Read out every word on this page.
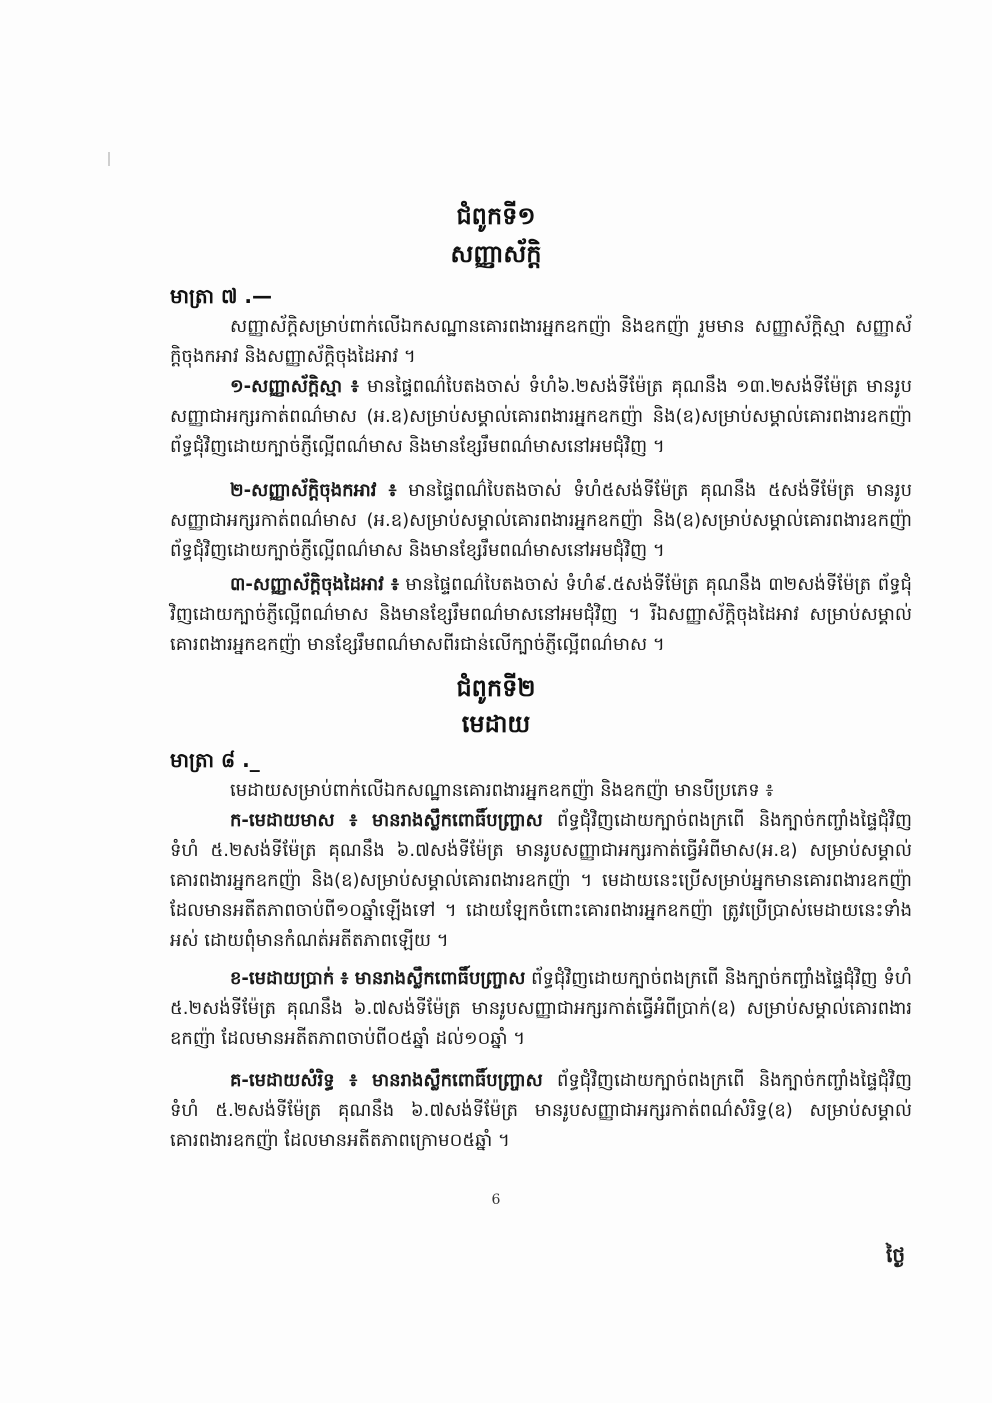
ជំពូកទី១
សញ្ញាស័ក្តិ
មាត្រា ៧ .—
សញ្ញាស័ក្តិសម្រាប់ពាក់លើឯកសណ្ឋានគោរពងារអ្នកឧកញ៉ា និងឧកញ៉ា រួមមាន សញ្ញាស័ក្តិស្មា សញ្ញាស័ក្តិចុងកអាវ និងសញ្ញាស័ក្តិចុងដៃអាវ ។
១-សញ្ញាស័ក្តិស្មា ៖ មានផ្ទៃពណ៌បៃតងចាស់ ទំហំ៦.២សង់ទីម៉ែត្រ គុណនឹង ១៣.២សង់ទីម៉ែត្រ មានរូបសញ្ញាជាអក្សរកាត់ពណ៌មាស (អ.ឧ)សម្រាប់សម្គាល់គោរពងារអ្នកឧកញ៉ា និង(ឧ)សម្រាប់សម្គាល់គោរពងារឧកញ៉ា ព័ទ្ធជុំវិញដោយក្បាច់ភ្ញីល្អើពណ៌មាស និងមានខ្សែរឹមពណ៌មាសនៅអមជុំវិញ ។
២-សញ្ញាស័ក្តិចុងកអាវ ៖ មានផ្ទៃពណ៌បៃតងចាស់ ទំហំ៥សង់ទីម៉ែត្រ គុណនឹង ៥សង់ទីម៉ែត្រ មានរូបសញ្ញាជាអក្សរកាត់ពណ៌មាស (អ.ឧ)សម្រាប់សម្គាល់គោរពងារអ្នកឧកញ៉ា និង(ឧ)សម្រាប់សម្គាល់គោរពងារឧកញ៉ា ព័ទ្ធជុំវិញដោយក្បាច់ភ្ញីល្អើពណ៌មាស និងមានខ្សែរឹមពណ៌មាសនៅអមជុំវិញ ។
៣-សញ្ញាស័ក្តិចុងដៃអាវ ៖ មានផ្ទៃពណ៌បៃតងចាស់ ទំហំ៩.៥សង់ទីម៉ែត្រ គុណនឹង ៣២សង់ទីម៉ែត្រ ព័ទ្ធជុំវិញដោយក្បាច់ភ្ញីល្អើពណ៌មាស និងមានខ្សែរឹមពណ៌មាសនៅអមជុំវិញ ។ រីឯសញ្ញាស័ក្តិចុងដៃអាវ សម្រាប់សម្គាល់គោរពងារអ្នកឧកញ៉ា មានខ្សែរឹមពណ៌មាសពីរជាន់លើក្បាច់ភ្ញីល្អើពណ៌មាស ។
ជំពូកទី២
មេដាយ
មាត្រា ៨ ._
មេដាយសម្រាប់ពាក់លើឯកសណ្ឋានគោរពងារអ្នកឧកញ៉ា និងឧកញ៉ា មានបីប្រភេទ ៖
ក-មេដាយមាស ៖ មានរាងស្លឹកពោធិ៍បញ្ច្រាស ព័ទ្ធជុំវិញដោយក្បាច់ពងក្រពើ និងក្បាច់កញ្ចាំងផ្ទៃជុំវិញ ទំហំ ៥.២សង់ទីម៉ែត្រ គុណនឹង ៦.៧សង់ទីម៉ែត្រ មានរូបសញ្ញាជាអក្សរកាត់ធ្វើអំពីមាស(អ.ឧ) សម្រាប់សម្គាល់គោរពងារអ្នកឧកញ៉ា និង(ឧ)សម្រាប់សម្គាល់គោរពងារឧកញ៉ា ។ មេដាយនេះប្រើសម្រាប់អ្នកមានគោរពងារឧកញ៉ា ដែលមានអតីតភាពចាប់ពី១០ឆ្នាំឡើងទៅ ។ ដោយឡែកចំពោះគោរពងារអ្នកឧកញ៉ា ត្រូវប្រើប្រាស់មេដាយនេះទាំងអស់ ដោយពុំមានកំណត់អតីតភាពឡើយ ។
ខ-មេដាយប្រាក់ ៖ មានរាងស្លឹកពោធិ៍បញ្ច្រាស ព័ទ្ធជុំវិញដោយក្បាច់ពងក្រពើ និងក្បាច់កញ្ចាំងផ្ទៃជុំវិញ ទំហំ ៥.២សង់ទីម៉ែត្រ គុណនឹង ៦.៧សង់ទីម៉ែត្រ មានរូបសញ្ញាជាអក្សរកាត់ធ្វើអំពីប្រាក់(ឧ) សម្រាប់សម្គាល់គោរពងារឧកញ៉ា ដែលមានអតីតភាពចាប់ពី០៥ឆ្នាំ ដល់១០ឆ្នាំ ។
គ-មេដាយសំរិទ្ធ ៖ មានរាងស្លឹកពោធិ៍បញ្ច្រាស ព័ទ្ធជុំវិញដោយក្បាច់ពងក្រពើ និងក្បាច់កញ្ចាំងផ្ទៃជុំវិញ ទំហំ ៥.២សង់ទីម៉ែត្រ គុណនឹង ៦.៧សង់ទីម៉ែត្រ មានរូបសញ្ញាជាអក្សរកាត់ពណ៌សំរិទ្ធ(ឧ) សម្រាប់សម្គាល់គោរពងារឧកញ៉ា ដែលមានអតីតភាពក្រោម០៥ឆ្នាំ ។
6
ថ្ងៃ
